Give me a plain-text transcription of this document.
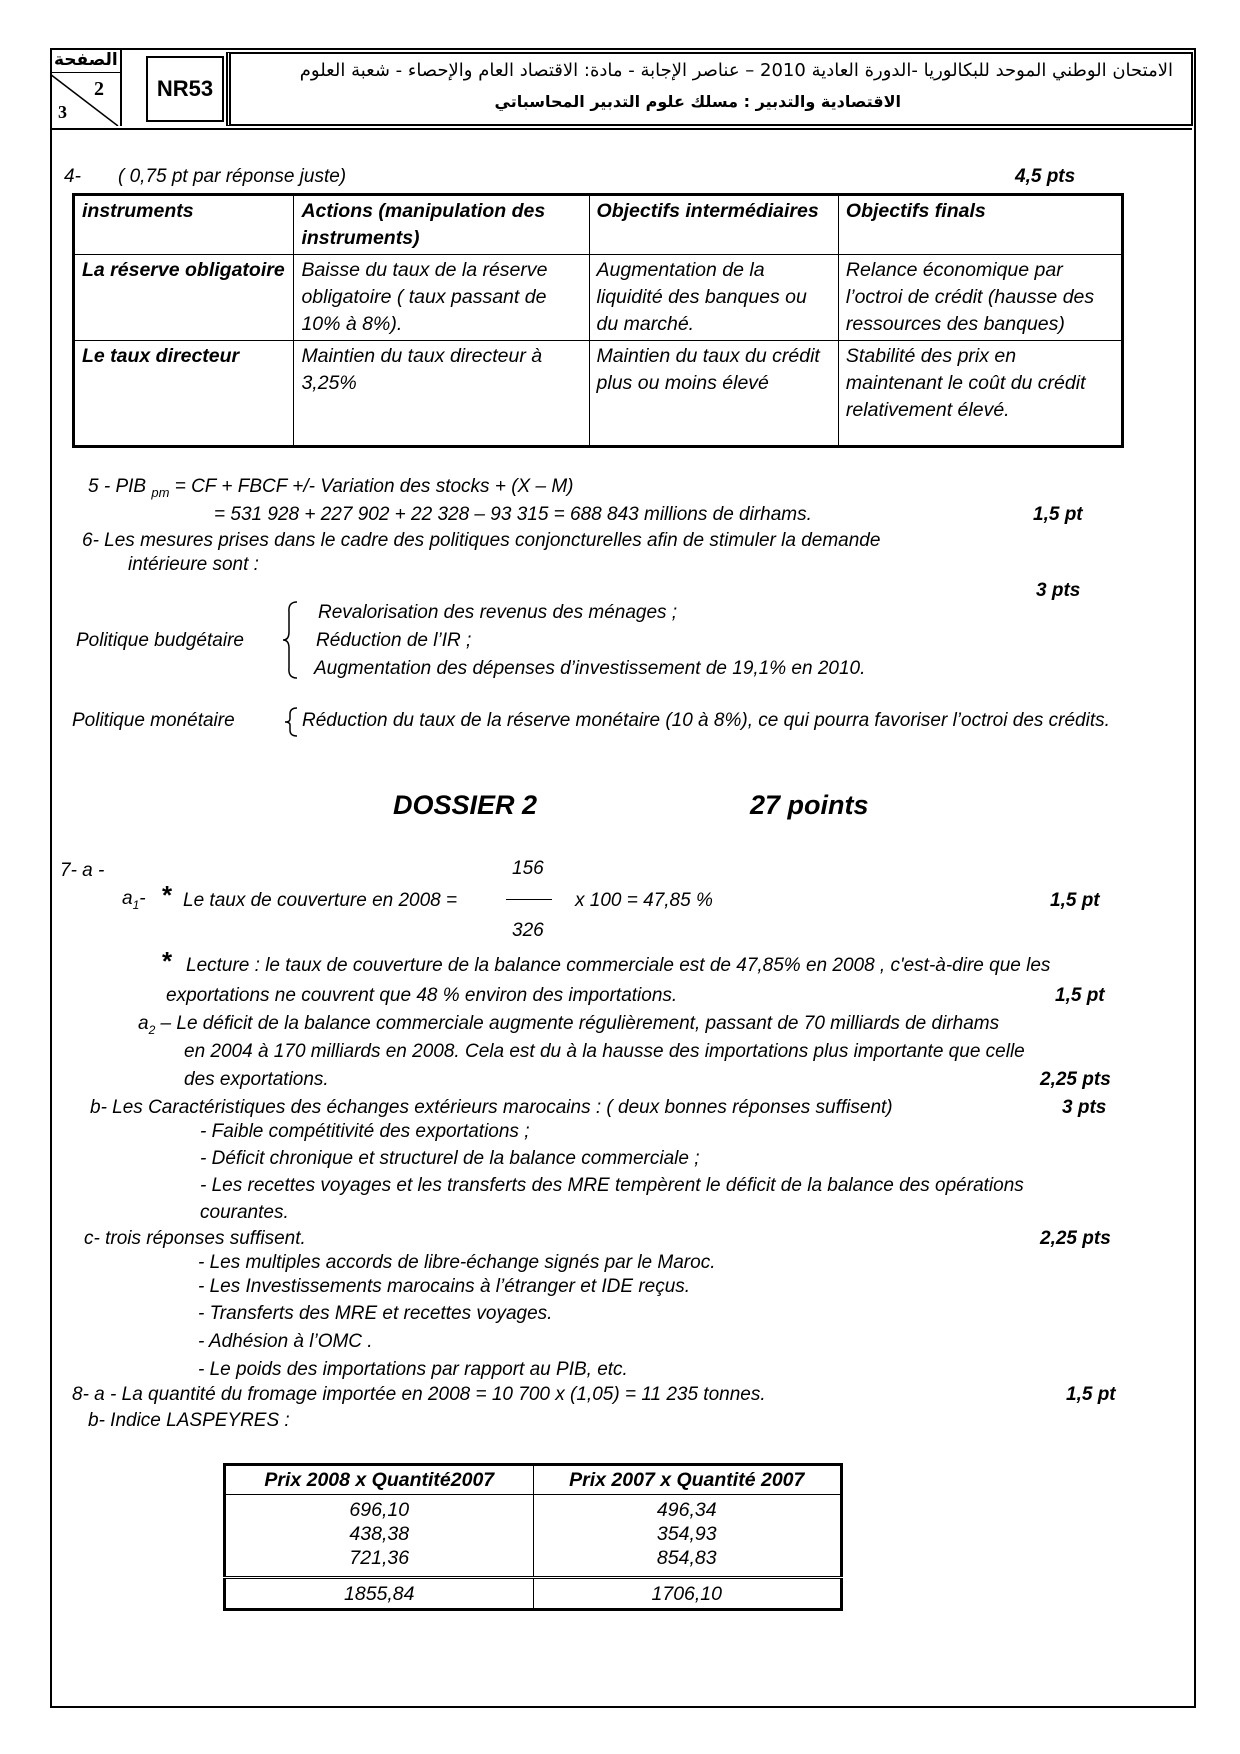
الصفحة
2
3
NR53
الامتحان الوطني الموحد للبكالوريا -الدورة العادية 2010 – عناصر الإجابة - مادة: الاقتصاد العام والإحصاء - شعبة العلوم
الاقتصادية والتدبير : مسلك علوم التدبير المحاسباتي
4- ( 0,75 pt par réponse juste)	4,5 pts
instruments	Actions (manipulation des instruments)	Objectifs intermédiaires	Objectifs finals
La réserve obligatoire	Baisse du taux de la réserve obligatoire ( taux passant de 10% à 8%).	Augmentation de la liquidité des banques ou du marché.	Relance économique par l’octroi de crédit (hausse des ressources des banques)
Le taux directeur	Maintien du taux directeur à 3,25%	Maintien du taux du crédit plus ou moins élevé	Stabilité des prix en maintenant le coût du crédit relativement élevé.
5 - PIB $_{pm}$ = CF + FBCF +/- Variation des stocks + (X – M)
= 531 928 + 227 902 + 22 328 – 93 315 = 688 843 millions de dirhams.	1,5 pt
6- Les mesures prises dans le cadre des politiques conjoncturelles afin de stimuler la demande
intérieure sont :
3 pts
Politique budgétaire
Revalorisation des revenus des ménages ;
Réduction de l’IR ;
Augmentation des dépenses d’investissement de 19,1% en 2010.
Politique monétaire	Réduction du taux de la réserve monétaire (10 à 8%), ce qui pourra favoriser l’octroi des crédits.
DOSSIER 2	27 points
7- a -	156
326
$a_1-$ * Le taux de couverture en 2008 =	x 100 = 47,85 %	1,5 pt
* Lecture : le taux de couverture de la balance commerciale est de 47,85% en 2008 , c'est-à-dire que les
exportations ne couvrent que 48 % environ des importations.	1,5 pt
$a_2$ – Le déficit de la balance commerciale augmente régulièrement, passant de 70 milliards de dirhams
en 2004 à 170 milliards en 2008. Cela est du à la hausse des importations plus importante que celle
des exportations.	2,25 pts
b- Les Caractéristiques des échanges extérieurs marocains : ( deux bonnes réponses suffisent)	3 pts
- Faible compétitivité des exportations ;
- Déficit chronique et structurel de la balance commerciale ;
- Les recettes voyages et les transferts des MRE tempèrent le déficit de la balance des opérations
courantes.
c- trois réponses suffisent.	2,25 pts
- Les multiples accords de libre-échange signés par le Maroc.
- Les Investissements marocains à l’étranger et IDE reçus.
- Transferts des MRE et recettes voyages.
- Adhésion à l’OMC .
- Le poids des importations par rapport au PIB, etc.
8- a - La quantité du fromage importée en 2008 = 10 700 x (1,05) = 11 235 tonnes.	1,5 pt
b- Indice LASPEYRES :
Prix 2008 x Quantité2007	Prix 2007 x Quantité 2007
696,10	496,34
438,38	354,93
721,36	854,83
1855,84	1706,10
